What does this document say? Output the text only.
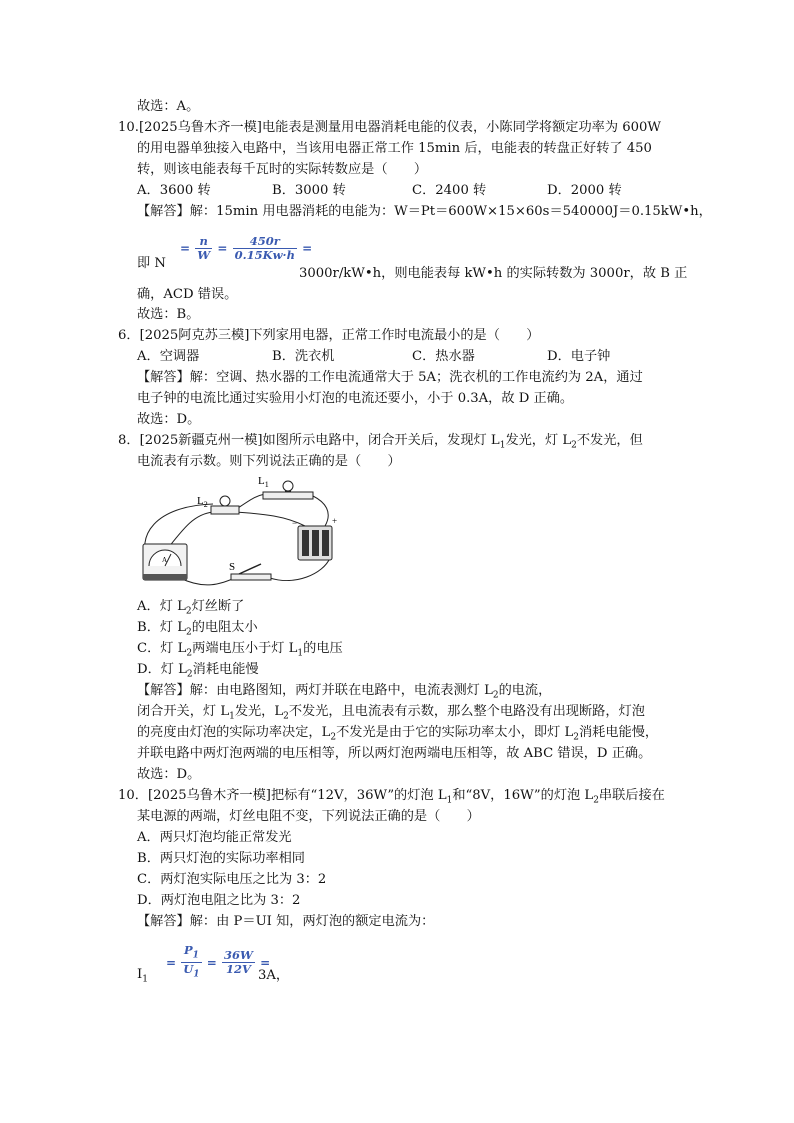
故选：A。
10.[2025乌鲁木齐一模]电能表是测量用电器消耗电能的仪表，小陈同学将额定功率为 600W
的用电器单独接入电路中，当该用电器正常工作 15min 后，电能表的转盘正好转了 450
转，则该电能表每千瓦时的实际转数应是（　　）
A．3600 转	B．3000 转	C．2400 转	D．2000 转
【解答】解：15min 用电器消耗的电能为：W＝Pt＝600W×15×60s＝540000J＝0.15kW•h，
即 N
= $\frac{n}{W} = \frac{450r}{0.15Kw\cdot h}$ =
3000r/kW•h，则电能表每 kW•h 的实际转数为 3000r，故 B 正
确，ACD 错误。
故选：B。
6．[2025阿克苏三模]下列家用电器，正常工作时电流最小的是（　　）
A．空调器	B．洗衣机	C．热水器	D．电子钟
【解答】解：空调、热水器的工作电流通常大于 5A；洗衣机的工作电流约为 2A，通过
电子钟的电流比通过实验用小灯泡的电流还要小，小于 0.3A，故 D 正确。
故选：D。
8．[2025新疆克州一模]如图所示电路中，闭合开关后，发现灯 $L_1$发光，灯 $L_2$不发光，但
电流表有示数。则下列说法正确的是（　　）
$L_1$
$L_2$
S
A
−	+
A．灯 $L_2$灯丝断了
B．灯 $L_2$的电阻太小
C．灯 $L_2$两端电压小于灯 $L_1$的电压
D．灯 $L_2$消耗电能慢
【解答】解：由电路图知，两灯并联在电路中，电流表测灯 $L_2$的电流，
闭合开关，灯 $L_1$发光，$L_2$不发光，且电流表有示数，那么整个电路没有出现断路，灯泡
的亮度由灯泡的实际功率决定，$L_2$不发光是由于它的实际功率太小，即灯 $L_2$消耗电能慢，
并联电路中两灯泡两端的电压相等，所以两灯泡两端电压相等，故 ABC 错误，D 正确。
故选：D。
10．[2025乌鲁木齐一模]把标有“12V，36W”的灯泡 $L_1$和“8V，16W”的灯泡 $L_2$串联后接在
某电源的两端，灯丝电阻不变，下列说法正确的是（　　）
A．两只灯泡均能正常发光
B．两只灯泡的实际功率相同
C．两灯泡实际电压之比为 3：2
D．两灯泡电阻之比为 3：2
【解答】解：由 P＝UI 知，两灯泡的额定电流为：
$I_1$
= $\frac{P_1}{U_1} = \frac{36W}{12V}$ =
3A，
